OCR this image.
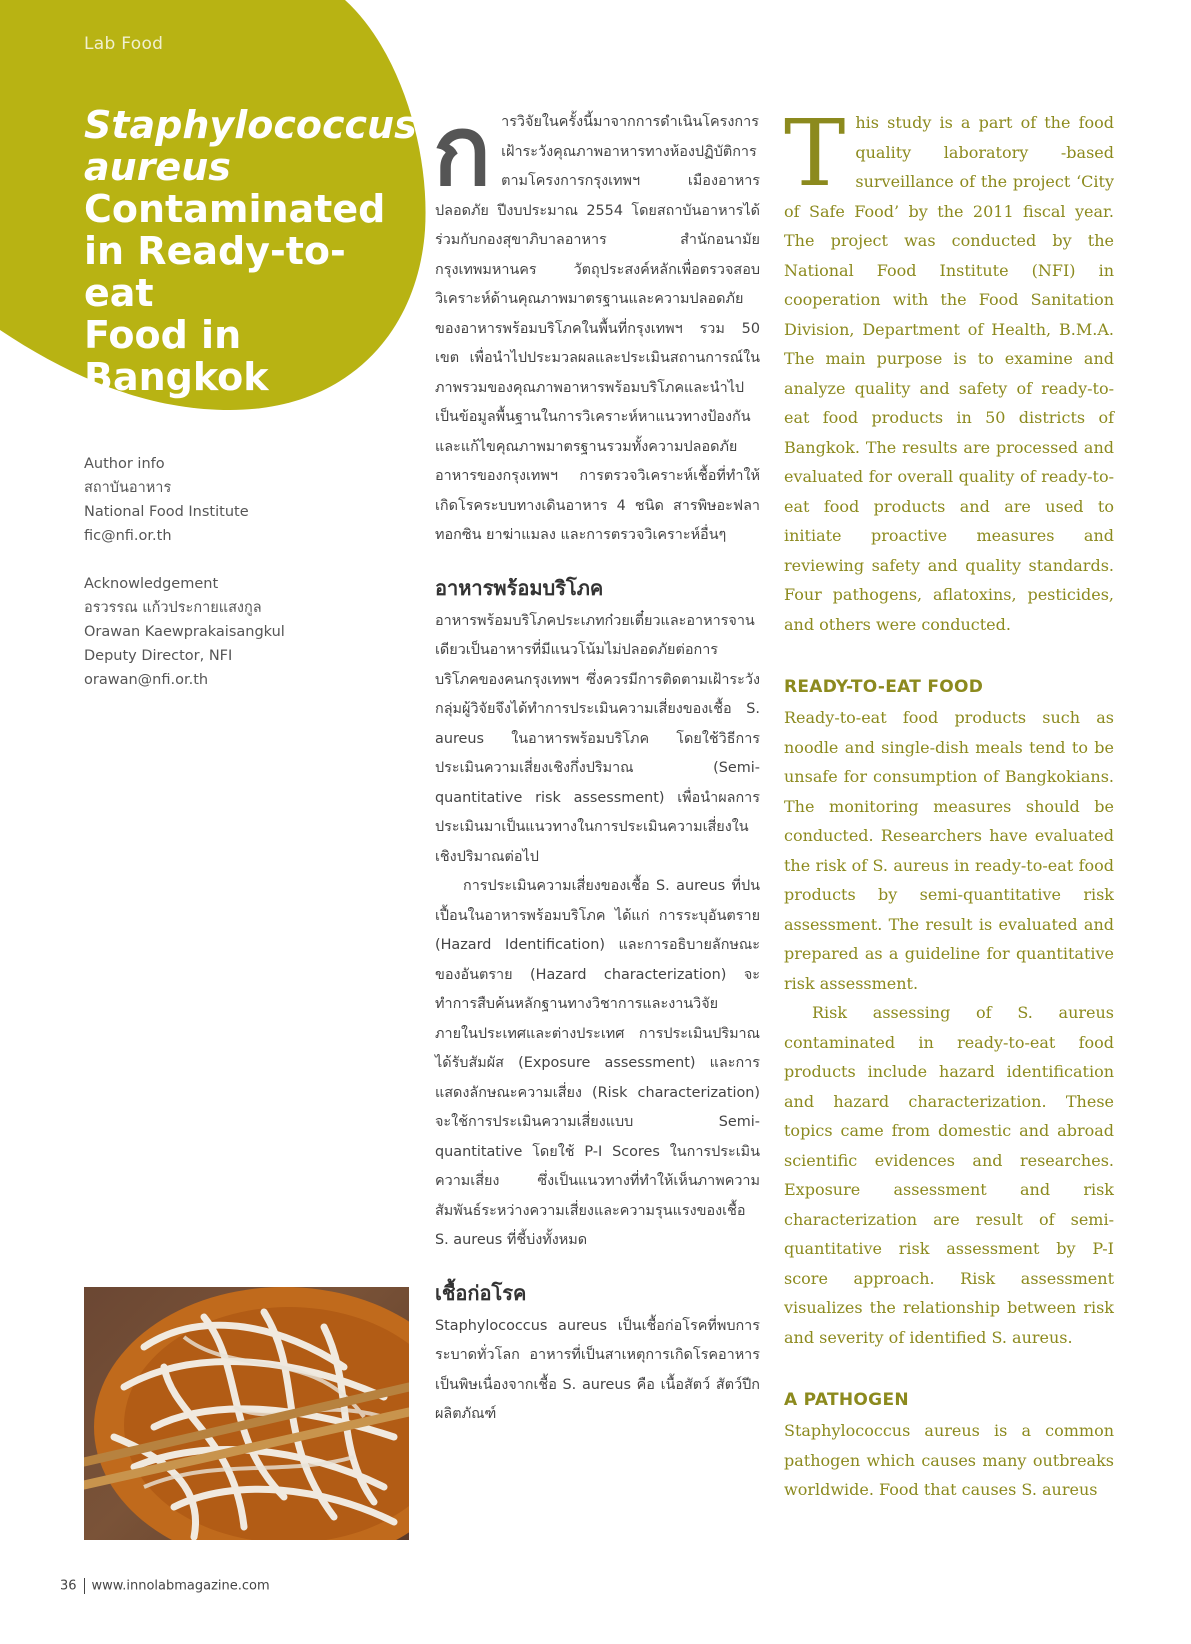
Lab Food
Staphylococcus
aureus
Contaminated
in Ready-to-eat
Food in
Bangkok
Author info
สถาบันอาหาร
National Food Institute
fic@nfi.or.th
Acknowledgement
อรวรรณ แก้วประกายแสงกูล
Orawan Kaewprakaisangkul
Deputy Director, NFI
orawan@nfi.or.th

ก ารวิจัยในครั้งนี้มาจากการดำเนินโครงการเฝ้าระวังคุณภาพอาหารทางห้องปฏิบัติการตามโครงการกรุงเทพฯ เมืองอาหารปลอดภัย ปีงบประมาณ 2554 โดยสถาบันอาหารได้ร่วมกับกองสุขาภิบาลอาหาร สำนักอนามัย กรุงเทพมหานคร วัตถุประสงค์หลักเพื่อตรวจสอบวิเคราะห์ด้านคุณภาพมาตรฐานและความปลอดภัยของอาหารพร้อมบริโภคในพื้นที่กรุงเทพฯ รวม 50 เขต เพื่อนำไปประมวลผลและประเมินสถานการณ์ในภาพรวมของคุณภาพอาหารพร้อมบริโภคและนำไปเป็นข้อมูลพื้นฐานในการวิเคราะห์หาแนวทางป้องกันและแก้ไขคุณภาพมาตรฐานรวมทั้งความปลอดภัยอาหารของกรุงเทพฯ การตรวจวิเคราะห์เชื้อที่ทำให้เกิดโรคระบบทางเดินอาหาร 4 ชนิด สารพิษอะฟลาทอกซิน ยาฆ่าแมลง และการตรวจวิเคราะห์อื่นๆ

อาหารพร้อมบริโภค

อาหารพร้อมบริโภคประเภทก๋วยเตี๋ยวและอาหารจานเดียวเป็นอาหารที่มีแนวโน้มไม่ปลอดภัยต่อการบริโภคของคนกรุงเทพฯ ซึ่งควรมีการติดตามเฝ้าระวัง กลุ่มผู้วิจัยจึงได้ทำการประเมินความเสี่ยงของเชื้อ S. aureus ในอาหารพร้อมบริโภค โดยใช้วิธีการประเมินความเสี่ยงเชิงกึ่งปริมาณ (Semi-quantitative risk assessment) เพื่อนำผลการประเมินมาเป็นแนวทางในการประเมินความเสี่ยงในเชิงปริมาณต่อไป

การประเมินความเสี่ยงของเชื้อ S. aureus ที่ปนเปื้อนในอาหารพร้อมบริโภค ได้แก่ การระบุอันตราย (Hazard Identification) และการอธิบายลักษณะของอันตราย (Hazard characterization) จะทำการสืบค้นหลักฐานทางวิชาการและงานวิจัยภายในประเทศและต่างประเทศ การประเมินปริมาณได้รับสัมผัส (Exposure assessment) และการแสดงลักษณะความเสี่ยง (Risk characterization) จะใช้การประเมินความเสี่ยงแบบ Semi-quantitative โดยใช้ P-I Scores ในการประเมินความเสี่ยง ซึ่งเป็นแนวทางที่ทำให้เห็นภาพความสัมพันธ์ระหว่างความเสี่ยงและความรุนแรงของเชื้อ S. aureus ที่ชี้บ่งทั้งหมด

เชื้อก่อโรค

Staphylococcus aureus เป็นเชื้อก่อโรคที่พบการระบาดทั่วโลก อาหารที่เป็นสาเหตุการเกิดโรคอาหารเป็นพิษเนื่องจากเชื้อ S. aureus คือ เนื้อสัตว์ สัตว์ปีก ผลิตภัณฑ์

T his study is a part of the food quality laboratory -based surveillance of the project ‘City of Safe Food’ by the 2011 fiscal year. The project was conducted by the National Food Institute (NFI) in cooperation with the Food Sanitation Division, Department of Health, B.M.A. The main purpose is to examine and analyze quality and safety of ready-to-eat food products in 50 districts of Bangkok. The results are processed and evaluated for overall quality of ready-to-eat food products and are used to initiate proactive measures and reviewing safety and quality standards. Four pathogens, aflatoxins, pesticides, and others were conducted.

READY-TO-EAT FOOD

Ready-to-eat food products such as noodle and single-dish meals tend to be unsafe for consumption of Bangkokians. The monitoring measures should be conducted. Researchers have evaluated the risk of S. aureus in ready-to-eat food products by semi-quantitative risk assessment. The result is evaluated and prepared as a guideline for quantitative risk assessment.

Risk assessing of S. aureus contaminated in ready-to-eat food products include hazard identification and hazard characterization. These topics came from domestic and abroad scientific evidences and researches. Exposure assessment and risk characterization are result of semi-quantitative risk assessment by P-I score approach. Risk assessment visualizes the relationship between risk and severity of identified S. aureus.

A PATHOGEN

Staphylococcus aureus is a common pathogen which causes many outbreaks worldwide. Food that causes S. aureus

36 www.innolabmagazine.com
